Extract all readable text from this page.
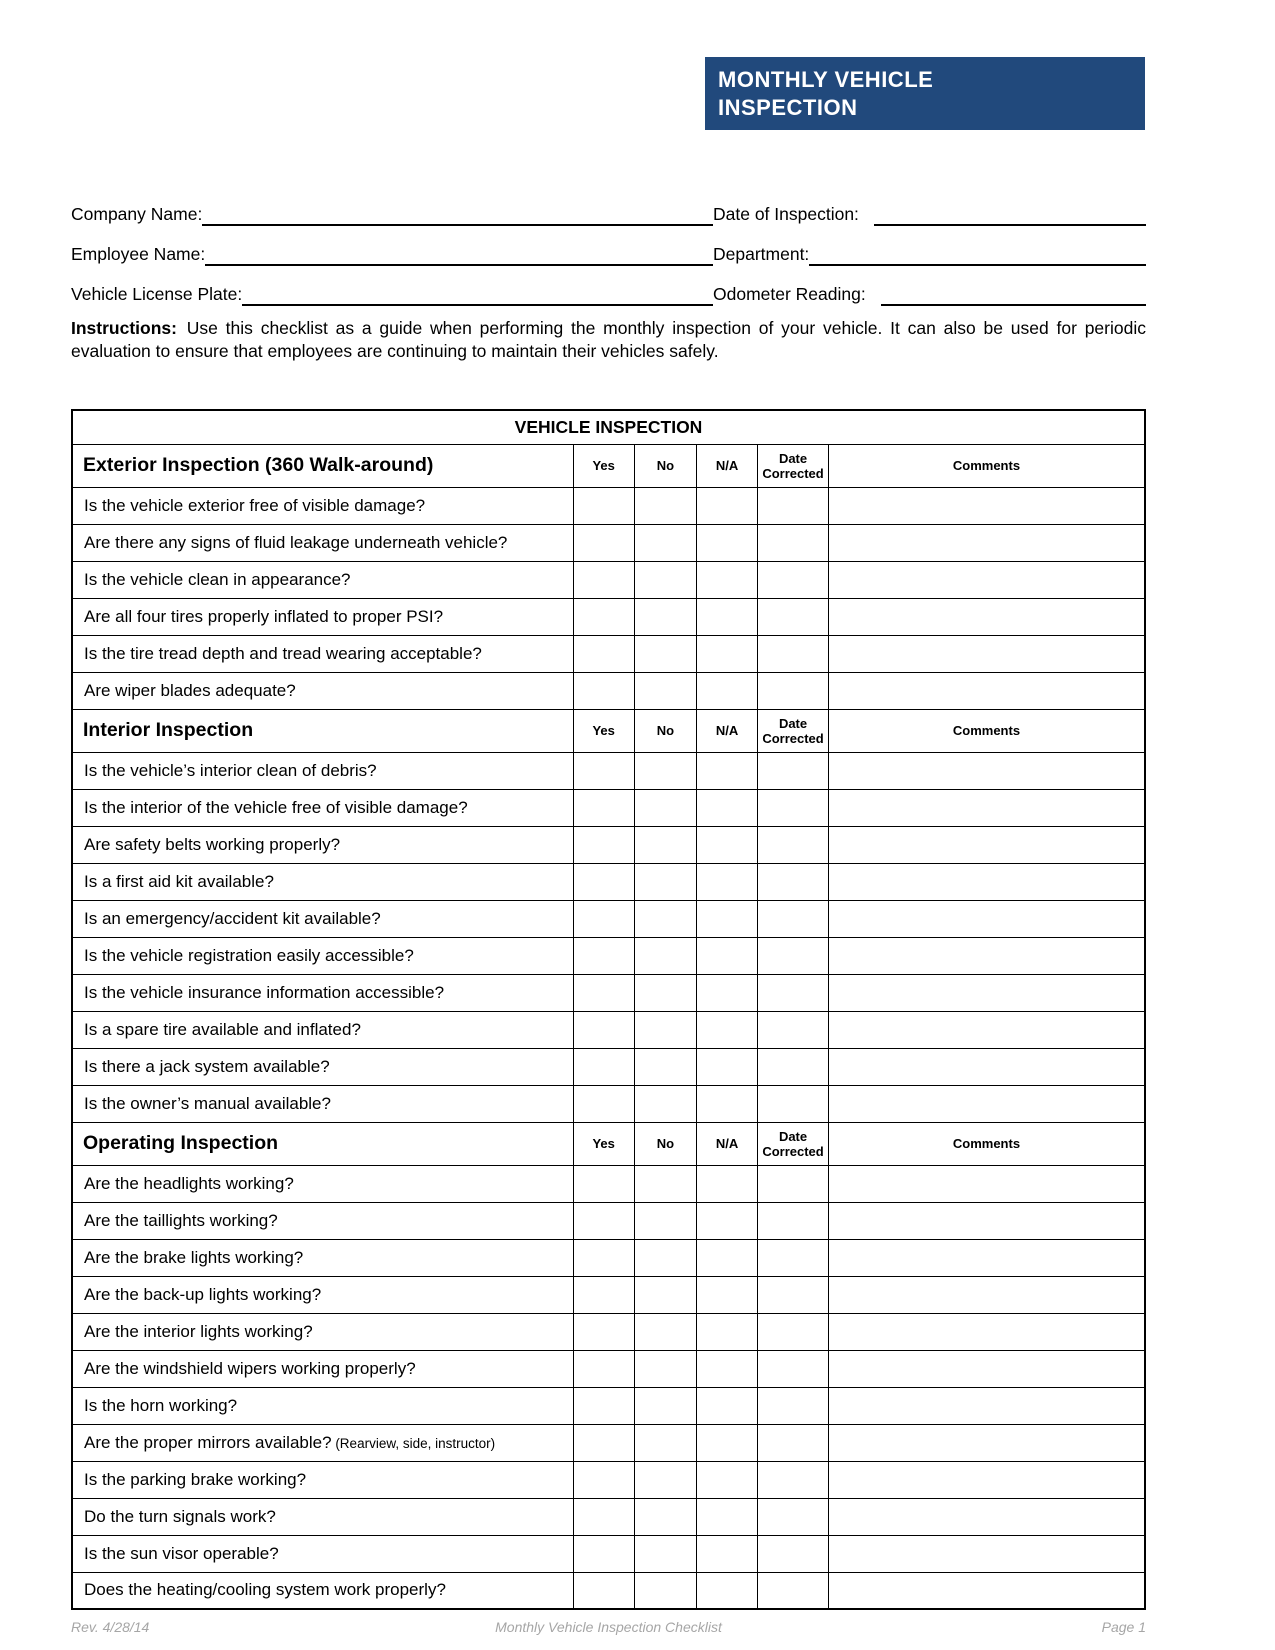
MONTHLY VEHICLE
INSPECTION
Company Name:	Date of Inspection:
Employee Name:	Department:
Vehicle License Plate:	Odometer Reading:
Instructions: Use this checklist as a guide when performing the monthly inspection of your vehicle. It can also be used for periodic evaluation to ensure that employees are continuing to maintain their vehicles safely.
VEHICLE INSPECTION					
Exterior Inspection (360 Walk-around)	Yes	No	N/A	Date Corrected	Comments
Is the vehicle exterior free of visible damage?					
Are there any signs of fluid leakage underneath vehicle?					
Is the vehicle clean in appearance?					
Are all four tires properly inflated to proper PSI?					
Is the tire tread depth and tread wearing acceptable?					
Are wiper blades adequate?					
Interior Inspection	Yes	No	N/A	Date Corrected	Comments
Is the vehicle’s interior clean of debris?					
Is the interior of the vehicle free of visible damage?					
Are safety belts working properly?					
Is a first aid kit available?					
Is an emergency/accident kit available?					
Is the vehicle registration easily accessible?					
Is the vehicle insurance information accessible?					
Is a spare tire available and inflated?					
Is there a jack system available?					
Is the owner’s manual available?					
Operating Inspection	Yes	No	N/A	Date Corrected	Comments
Are the headlights working?					
Are the taillights working?					
Are the brake lights working?					
Are the back-up lights working?					
Are the interior lights working?					
Are the windshield wipers working properly?					
Is the horn working?					
Are the proper mirrors available? (Rearview, side, instructor)					
Is the parking brake working?					
Do the turn signals work?					
Is the sun visor operable?					
Does the heating/cooling system work properly?					
Rev. 4/28/14	Monthly Vehicle Inspection Checklist	Page 1
